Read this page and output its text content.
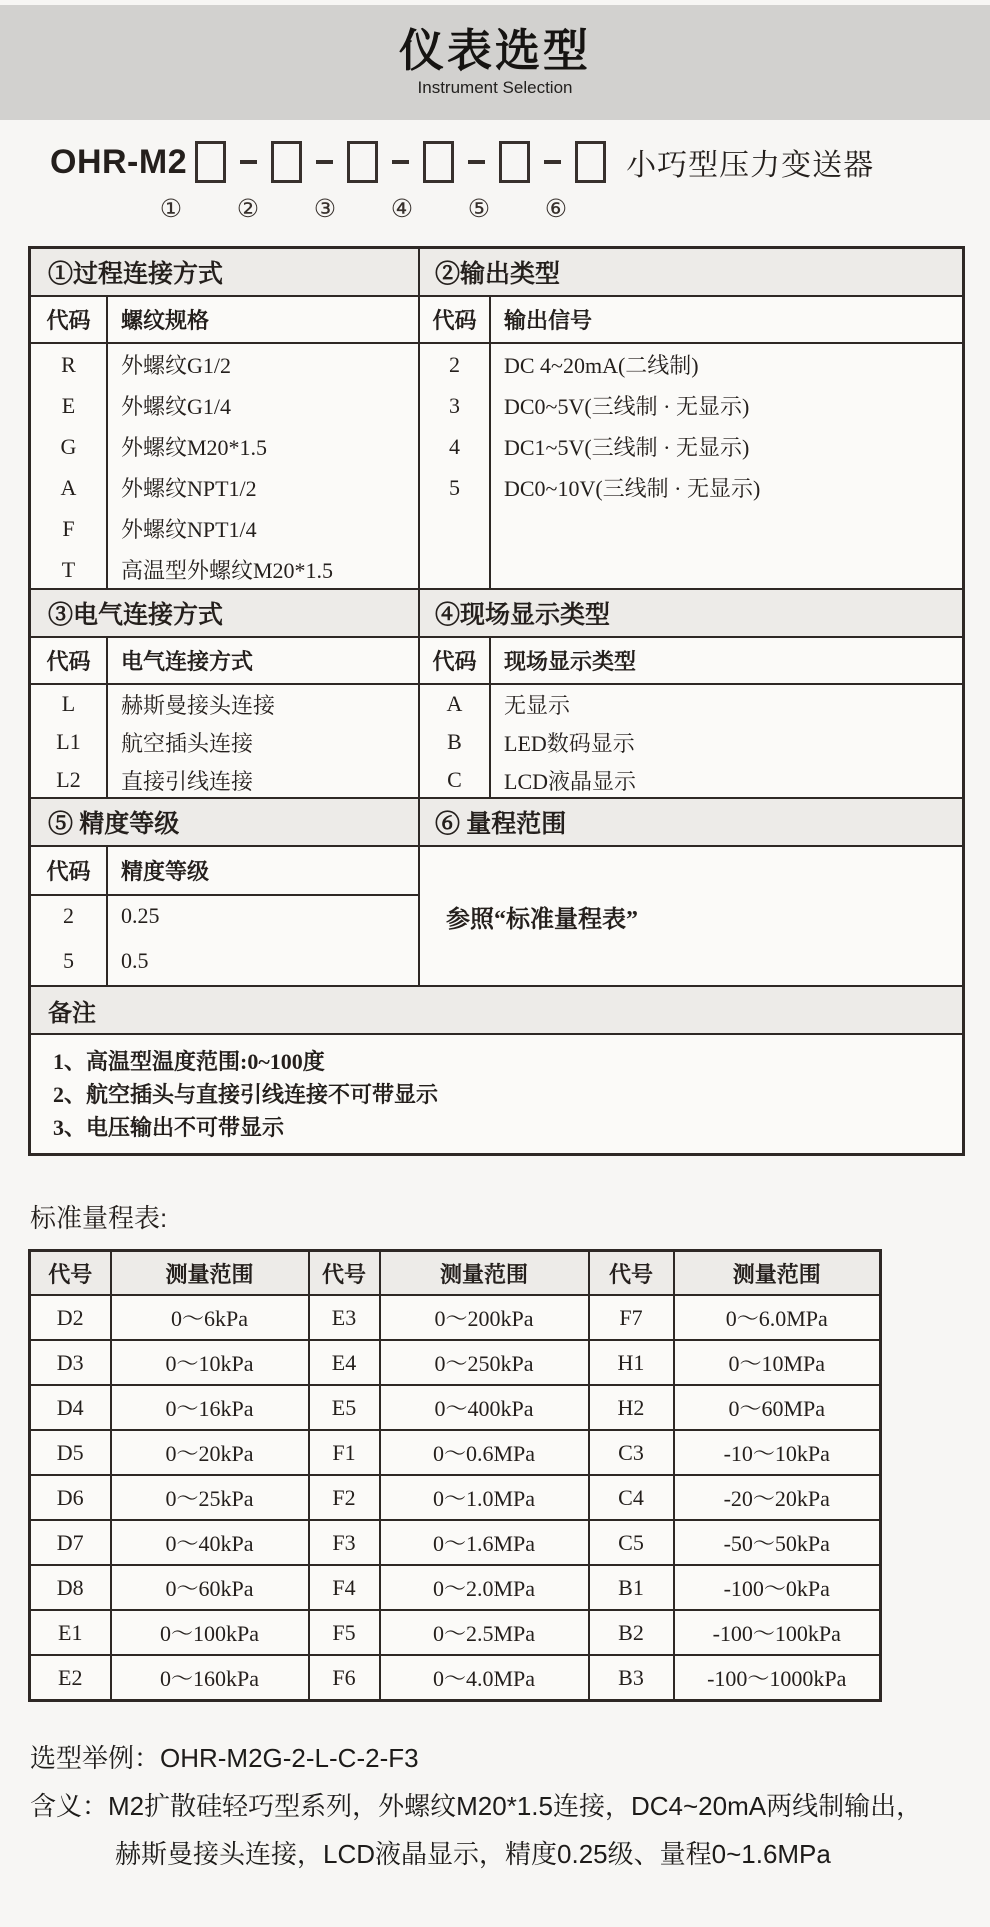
仪表选型
Instrument Selection
OHR-M2	小巧型压力变送器
① ② ③ ④ ⑤ ⑥
①过程连接方式	②输出类型
代码	螺纹规格	代码	输出信号
R	外螺纹G1/2
E	外螺纹G1/4
G	外螺纹M20*1.5
A	外螺纹NPT1/2
F	外螺纹NPT1/4
T	高温型外螺纹M20*1.5
2	DC 4~20mA(二线制)
3	DC0~5V(三线制 · 无显示)
4	DC1~5V(三线制 · 无显示)
5	DC0~10V(三线制 · 无显示)
③电气连接方式	④现场显示类型
代码	电气连接方式	代码	现场显示类型
L	赫斯曼接头连接
L1	航空插头连接
L2	直接引线连接
A	无显示
B	LED数码显示
C	LCD液晶显示
⑤ 精度等级	⑥ 量程范围
代码	精度等级
2	0.25
5	0.5
参照“标准量程表”
备注
1、高温型温度范围:0~100度
2、航空插头与直接引线连接不可带显示
3、电压输出不可带显示
标准量程表:
代号	测量范围	代号	测量范围	代号	测量范围
D2	0～6kPa	E3	0～200kPa	F7	0～6.0MPa
D3	0～10kPa	E4	0～250kPa	H1	0～10MPa
D4	0～16kPa	E5	0～400kPa	H2	0～60MPa
D5	0～20kPa	F1	0～0.6MPa	C3	-10～10kPa
D6	0～25kPa	F2	0～1.0MPa	C4	-20～20kPa
D7	0～40kPa	F3	0～1.6MPa	C5	-50～50kPa
D8	0～60kPa	F4	0～2.0MPa	B1	-100～0kPa
E1	0～100kPa	F5	0～2.5MPa	B2	-100～100kPa
E2	0～160kPa	F6	0～4.0MPa	B3	-100～1000kPa
选型举例：OHR-M2G-2-L-C-2-F3
含义：M2扩散硅轻巧型系列，外螺纹M20*1.5连接，DC4~20mA两线制输出，
赫斯曼接头连接，LCD液晶显示，精度0.25级、量程0~1.6MPa
